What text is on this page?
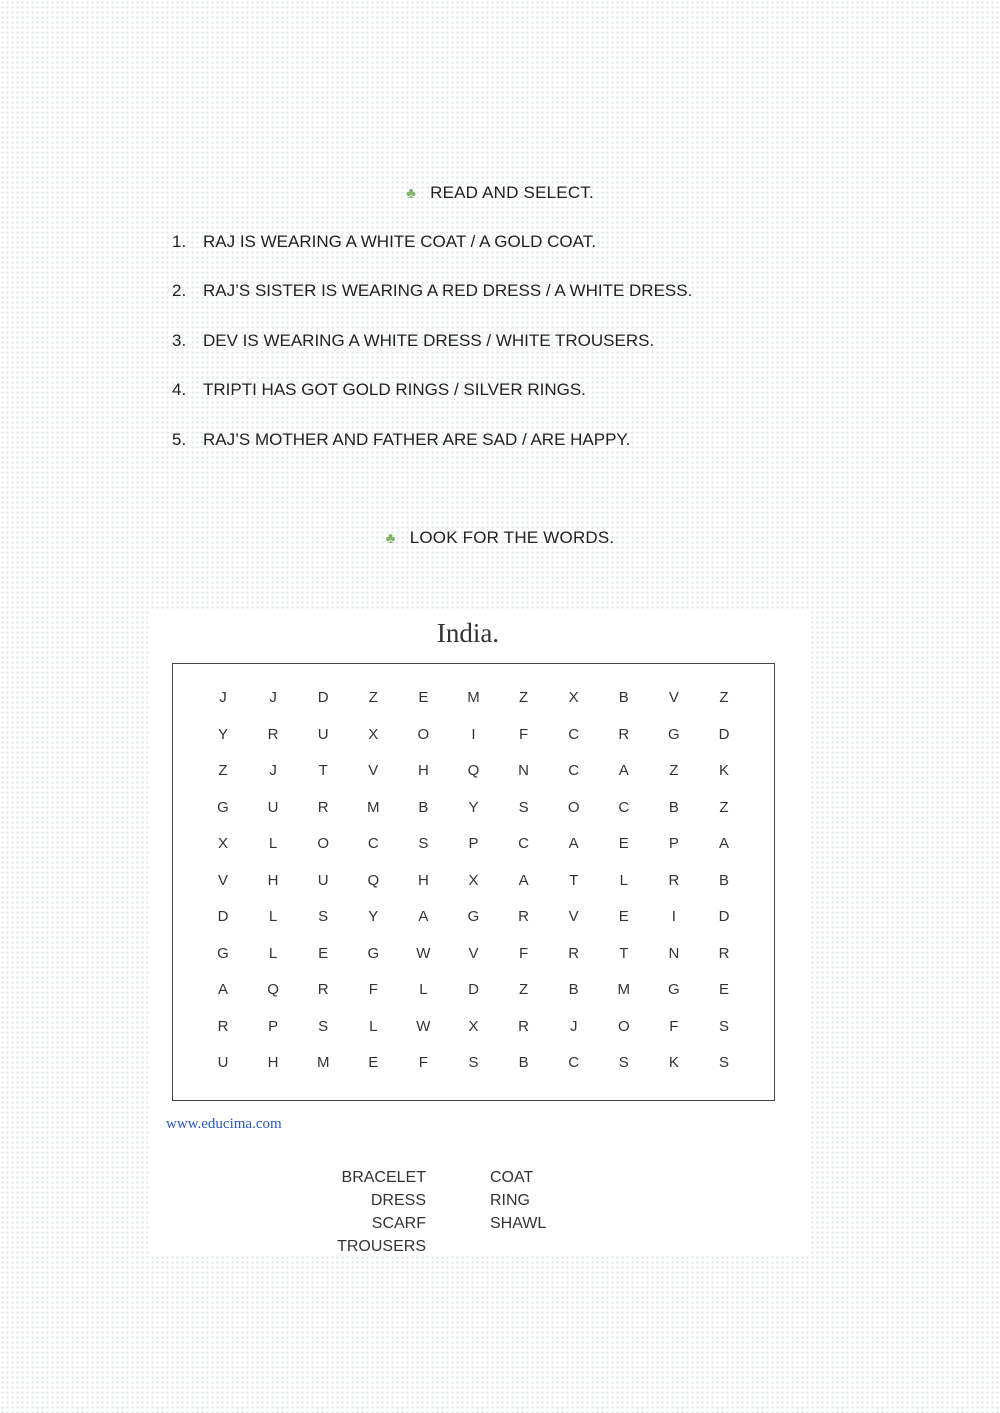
♣ READ AND SELECT.
1. RAJ IS WEARING A WHITE COAT / A GOLD COAT.
2. RAJ’S SISTER IS WEARING A RED DRESS / A WHITE DRESS.
3. DEV IS WEARING A WHITE DRESS / WHITE TROUSERS.
4. TRIPTI HAS GOT GOLD RINGS / SILVER RINGS.
5. RAJ’S MOTHER AND FATHER ARE SAD / ARE HAPPY.
♣ LOOK FOR THE WORDS.
India.
J	J	D	Z	E	M	Z	X	B	V	Z
Y	R	U	X	O	I	F	C	R	G	D
Z	J	T	V	H	Q	N	C	A	Z	K
G	U	R	M	B	Y	S	O	C	B	Z
X	L	O	C	S	P	C	A	E	P	A
V	H	U	Q	H	X	A	T	L	R	B
D	L	S	Y	A	G	R	V	E	I	D
G	L	E	G	W	V	F	R	T	N	R
A	Q	R	F	L	D	Z	B	M	G	E
R	P	S	L	W	X	R	J	O	F	S
U	H	M	E	F	S	B	C	S	K	S
www.educima.com
BRACELET
DRESS
SCARF
TROUSERS
COAT
RING
SHAWL
